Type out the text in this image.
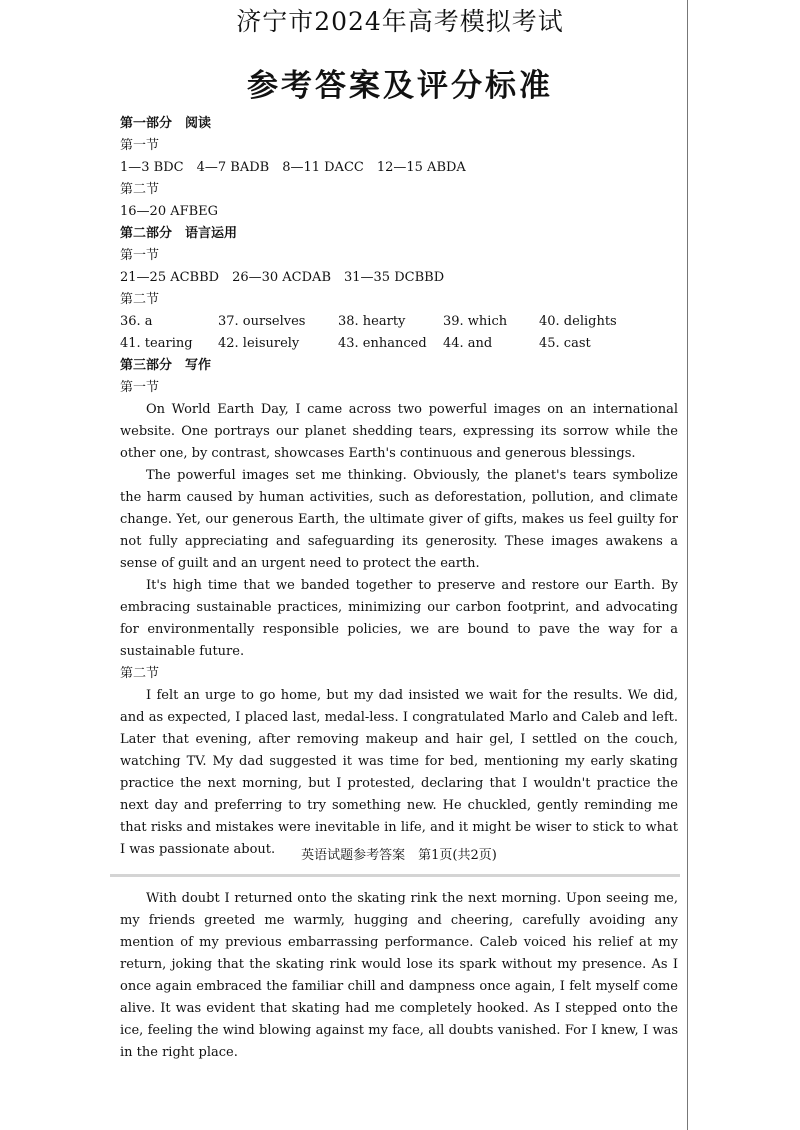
济宁市2024年高考模拟考试
参考答案及评分标准
第一部分　阅读
第一节
1—3 BDC　4—7 BADB　8—11 DACC　12—15 ABDA
第二节
16—20 AFBEG
第二部分　语言运用
第一节
21—25 ACBBD　26—30 ACDAB　31—35 DCBBD
第二节
36. a	37. ourselves	38. hearty	39. which 40. delights
41. tearing 42. leisurely	43. enhanced 44. and	45. cast
第三部分　写作
第一节

On World Earth Day, I came across two powerful images on an international website. One portrays our planet shedding tears, expressing its sorrow while the other one, by contrast, showcases Earth's continuous and generous blessings.

The powerful images set me thinking. Obviously, the planet's tears symbolize the harm caused by human activities, such as deforestation, pollution, and climate change. Yet, our generous Earth, the ultimate giver of gifts, makes us feel guilty for not fully appreciating and safeguarding its generosity. These images awakens a sense of guilt and an urgent need to protect the earth.

It's high time that we banded together to preserve and restore our Earth. By embracing sustainable practices, minimizing our carbon footprint, and advocating for environmentally responsible policies, we are bound to pave the way for a sustainable future.

第二节

I felt an urge to go home, but my dad insisted we wait for the results. We did, and as expected, I placed last, medal-less. I congratulated Marlo and Caleb and left. Later that evening, after removing makeup and hair gel, I settled on the couch, watching TV. My dad suggested it was time for bed, mentioning my early skating practice the next morning, but I protested, declaring that I wouldn't practice the next day and preferring to try something new. He chuckled, gently reminding me that risks and mistakes were inevitable in life, and it might be wiser to stick to what I was passionate about.	英语试题参考答案　第1页(共2页)

With doubt I returned onto the skating rink the next morning. Upon seeing me, my friends greeted me warmly, hugging and cheering, carefully avoiding any mention of my previous embarrassing performance. Caleb voiced his relief at my return, joking that the skating rink would lose its spark without my presence. As I once again embraced the familiar chill and dampness once again, I felt myself come alive. It was evident that skating had me completely hooked. As I stepped onto the ice, feeling the wind blowing against my face, all doubts vanished. For I knew, I was in the right place.
